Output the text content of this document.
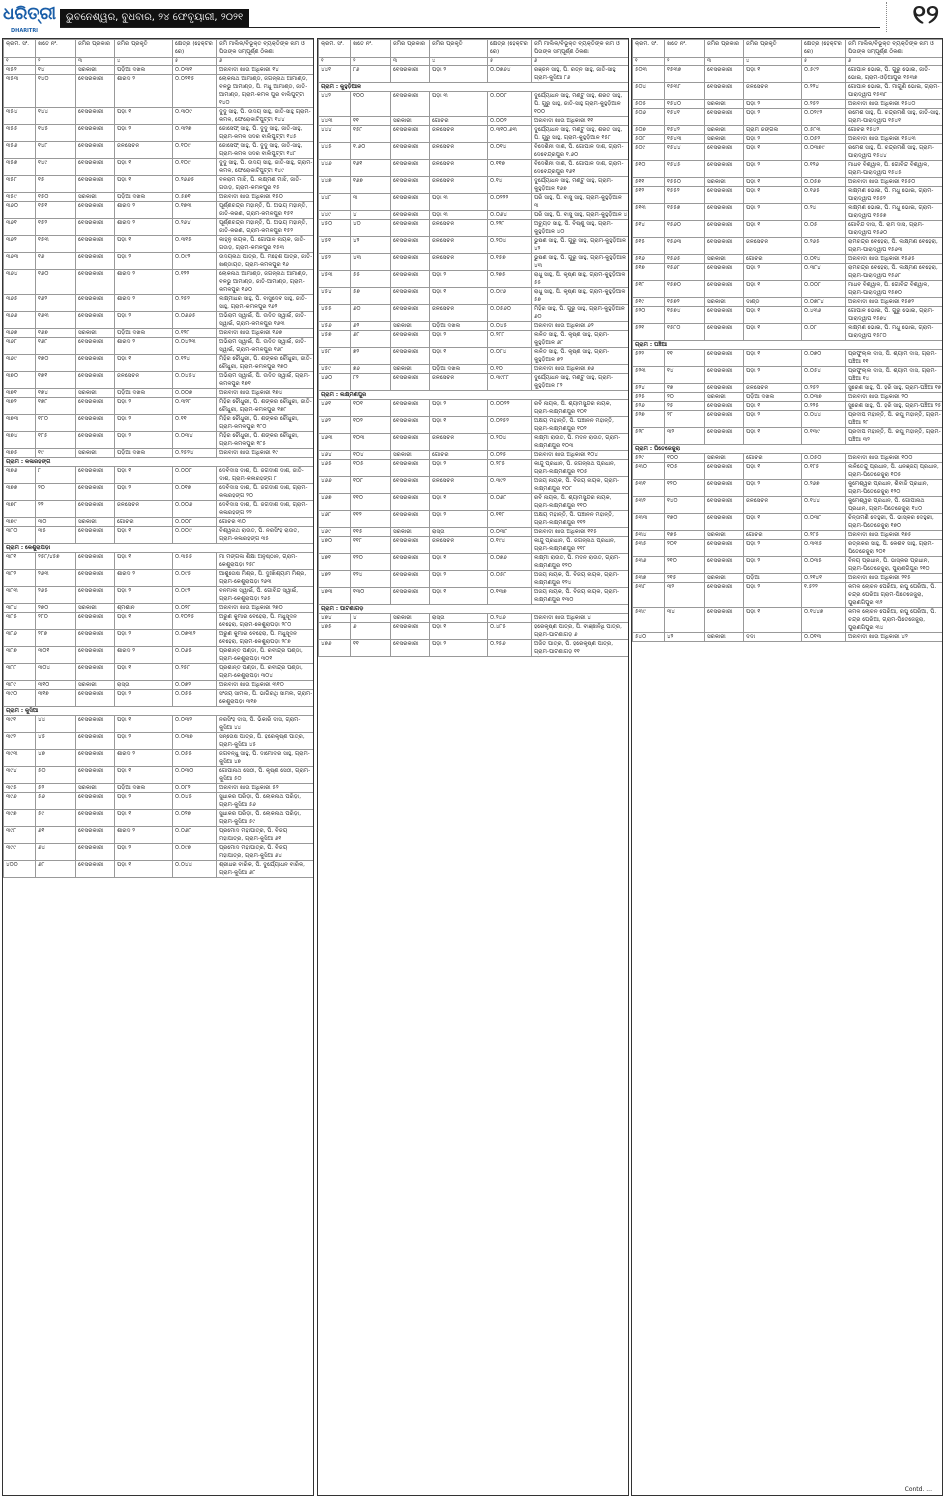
ଧରିତ୍ରୀ
DHARITRI
ଭୁବନେଶ୍ୱର, ବୁଧବାର, ୨୪ ଫେବୃୟାରୀ, ୨୦୨୧	୧୨
କ୍ରମ. ସଂ.	ଖତେ ନଂ.	ଜମିର ପ୍ରକାର	ଜମିର ପ୍ରକୃତି	କ୍ଷେତ୍ର (ହେକ୍ଟର ରେ)	ଜମି ମାଲିକ/ବିଭୂକ୍ତ ବ୍ୟକ୍ତିଙ୍କ ନାମ ଓ ପିତାଙ୍କ ସମ୍ପୂର୍ଣ୍ଣ ଠିକଣା
୧	୨	୩	୪	୫	୬
୩୫୨	୧୪	ସରକାରୀ	ପଡ଼ିଆ ଦଖଲ	୦.୦୩୧	ଅନାବାଦୀ ଖାତା ଅଧିକାରୀ ୧୪
୩୫୩	୧୪୦	ବେସରକାରୀ	ଶାରଦ ୨	୦.୦୨୧୫	ଲୋକନାଥ ଆମାଣ୍ଡ, ଜଗନ୍ନାଥ ଆମାଣ୍ଡ, ବଳଭୁ ଆମାଣ୍ଡ, ପି. ମଧୁ ଆମାଣ୍ଡ, ଜାତି-ଆମାଣ୍ଡ, ଗ୍ରାମ-କମଳ ପୁର ବାଲିପୁଟ୍ଟା ୧୪୦
୩୫୪	୧୪୪	ବେସରକାରୀ	ପଡ଼ା ୧	୦.୩୦୯	ଦୁଦୁ ସାହୁ, ପି. ଉଦୟ ସାହୁ, ଜାତି-ସାହୁ ଗ୍ରାମ-କମଳ, ଫେରୋକାଟିପୁଟ୍ଟା ୧୪୪
୩୫୫	୧୪୫	ବେସରକାରୀ	ପଡ଼ା ୨	୦.୩୨୭	ଜୋସେଫ୍ ସାହୁ, ପି. ଦୁଦୁ ସାହୁ, ଜାତି-ସାହୁ, ଗ୍ରାମ-କମଳ ସଦର ବାଲିପୁଟ୍ଟା ୧୪୫
୩୫୬	୧୪୮	ବେସରକାରୀ	ଜଳସେଚନ	୦.୧୦୯	ଜୋସେଫ୍ ସାହୁ, ପି. ଦୁଦୁ ସାହୁ, ଜାତି-ସାହୁ, ଗ୍ରାମ-କମଳ ସଦର ବାଲିପୁଟ୍ଟା ୧୪୮
୩୫୭	୧୪୯	ବେସରକାରୀ	ପଡ଼ା ୧	୦.୧୦୯	ଦୁଦୁ ସାହୁ, ପି. ଉଦୟ ସାହୁ, ଜାତି-ସାହୁ, ଗ୍ରାମ-କମଳ, ଫେରୋକାଟିପୁଟ୍ଟା ୧୪୯
୩୫୮	୧୫	ବେସରକାରୀ	ପଡ଼ା ୧	୦.୨୬୬୫	ବଳରାମ ମାଝି, ପି. ଲକ୍ଷ୍ମଣ ମାଝି, ଜାତି-ଗଉଡ଼, ଗ୍ରାମ-କମଳପୁର ୧୫
୩୫୯	୧୫୦	ସରକାରୀ	ପଡ଼ିଆ ଦଖଲ	୦.୫୭୧	ଅନାବାଦୀ ଖାତା ଅଧିକାରୀ ୧୫୦
୩୬୦	୧୫୧	ବେସରକାରୀ	ଶାରଦ ୨	୦.୧୭୩	ପୂର୍ଣ୍ଣଚନ୍ଦ୍ର ମହାନ୍ତି, ପି. ଅଭୟ ମହାନ୍ତି, ଜାତି-କରଣ, ଗ୍ରାମ-କମଳପୁର ୧୫୧
୩୬୧	୧୫୨	ବେସରକାରୀ	ଶାରଦ ୨	୦.୨୬୪	ପୂର୍ଣ୍ଣଚନ୍ଦ୍ର ମହାନ୍ତି, ପି. ଅଭୟ ମହାନ୍ତି, ଜାତି-କରଣ, ଗ୍ରାମ-କମଳପୁର ୧୫୨
୩୬୨	୧୫୩	ବେସରକାରୀ	ପଡ଼ା ୧	୦.୩୧୫	କାହ୍ନୁ ନାୟକ, ପି. ଗୋପାଳ ନାୟକ, ଜାତି-ଗଉଡ଼, ଗ୍ରାମ-କମଳପୁର ୧୫୩
୩୬୩	୧୬	ବେସରକାରୀ	ପଡ଼ା ୨	୦.୦୯୨	ଉଦୟନାଥ ପାତ୍ର, ପି. ମହେଶ ପାତ୍ର, ଜାତି-ଖଣ୍ଡାୟତ, ଗ୍ରାମ-କମଳପୁର ୧୬
୩୬୪	୧୬୦	ବେସରକାରୀ	ଶାରଦ ୨	୦.୧୨୨	ଲୋକନାଥ ଆମାଣ୍ଡ, ଜଗନ୍ନାଥ ଆମାଣ୍ଡ, ବଳଭୁ ଆମାଣ୍ଡ, ଜାତି-ଆମାଣ୍ଡ, ଗ୍ରାମ-କମଳପୁର ୧୬୦
୩୬୫	୧୬୨	ବେସରକାରୀ	ଶାରଦ ୨	୦.୨୫୨	ଲକ୍ଷ୍ମୀଧର ସାହୁ, ପି. ବାସୁଦେବ ସାହୁ, ଜାତି-ସାହୁ, ଗ୍ରାମ-କମଳପୁର ୧୬୨
୩୬୬	୧୬୩	ବେସରକାରୀ	ପଡ଼ା ୨	୦.୦୬୬୫	ଅଭିରାମ ସ୍ୱାଇଁ, ପି. ଉଦିତ ସ୍ୱାଇଁ, ଜାତି-ସ୍ୱାଇଁ, ଗ୍ରାମ-କମଳପୁର ୧୬୩
୩୬୭	୧୬୭	ସରକାରୀ	ପଡ଼ିଆ ଦଖଲ	୦.୧୨୮	ଅନାବାଦୀ ଖାତା ଅଧିକାରୀ ୧୬୭
୩୬୮	୧୬୮	ବେସରକାରୀ	ଶାରଦ ୨	୦.୦୪୨୩	ଅଭିରାମ ସ୍ୱାଇଁ, ପି. ଉଦିତ ସ୍ୱାଇଁ, ଜାତି-ସ୍ୱାଇଁ, ଗ୍ରାମ-କମଳପୁର ୧୬୮
୩୬୯	୧୭୦	ବେସରକାରୀ	ପଡ଼ା ୧	୦.୧୨୪	ମିହିର ଚୌଧୁରୀ, ପି. ଶଙ୍କର ଚୌଧୁରୀ, ଜାତି-ଚୌଧୁରୀ, ଗ୍ରାମ-କମଳପୁର ୧୭୦
୩୭୦	୧୭୧	ବେସରକାରୀ	ଜଳସେଚନ	୦.୦୪୫୪	ଅଭିରାମ ସ୍ୱାଇଁ, ପି. ଉଦିତ ସ୍ୱାଇଁ, ଗ୍ରାମ-କମଳପୁର ୧୭୧
୩୭୧	୧୭୪	ସରକାରୀ	ପଡ଼ିଆ ଦଖଲ	୦.୦୦୭	ଅନାବାଦୀ ଖାତା ଅଧିକାରୀ ୧୭୪
୩୭୨	୧୭୮	ବେସରକାରୀ	ପଡ଼ା ୨	୦.୩୨୮	ମିହିର ଚୌଧୁରୀ, ପି. ଶଙ୍କର ଚୌଧୁରୀ, ଜାତି-ଚୌଧୁରୀ, ଗ୍ରାମ-କମଳପୁର ୧୭୮
୩୭୩	୧୮୦	ବେସରକାରୀ	ପଡ଼ା ୨	୦.୧୧	ମିହିର ଚୌଧୁରୀ, ପି. ଶଙ୍କର ଚୌଧୁରୀ, ଗ୍ରାମ-କମଳପୁର ୧୮୦
୩୭୪	୧୮୫	ବେସରକାରୀ	ପଡ଼ା ୨	୦.୦୩୪	ମିହିର ଚୌଧୁରୀ, ପି. ଶଙ୍କର ଚୌଧୁରୀ, ଗ୍ରାମ-କମଳପୁର ୧୮୫
୩୭୫	୧୯	ସରକାରୀ	ପଡ଼ିଆ ଦଖଲ	୦.୨୫୨୪	ଅନାବାଦୀ ଖାତା ଅଧିକାରୀ ୧୯
ଗ୍ରାମ : କଳାରହଙ୍ଗ					
୩୭୬	୮	ବେସରକାରୀ	ପଡ଼ା ୧	୦.୦୦୮	ଦେବିଦାସ ଦାଶ, ପି. ଜଗଦୀଶ ଦାଶ, ଜାତି-ଦାଶ, ଗ୍ରାମ-କଳାରହଙ୍ଗ ୮
୩୭୭	୨୦	ବେସରକାରୀ	ପଡ଼ା ୨	୦.୦୧୭	ଦେବିଦାସ ଦାଶ, ପି. ଜଗଦୀଶ ଦାଶ, ଗ୍ରାମ-କଳାରହଙ୍ଗ ୨୦
୩୭୮	୨୨	ବେସରକାରୀ	ଜଳସେଚନ	୦.୦୦୬	ଦେବିଦାସ ଦାଶ, ପି. ଜଗଦୀଶ ଦାଶ, ଗ୍ରାମ-କଳାରହଙ୍ଗ ୨୨
୩୭୯	୩୦	ସରକାରୀ	ଗୋଚର	୦.୦୦୮	ଗୋଚର ୩୦
୩୮୦	୩୫	ବେସରକାରୀ	ପଡ଼ା ୧	୦.୦୦୯	ବିଶ୍ୱନାଥ ରାଉତ, ପି. ନରସିଂହ ରାଉତ, ଗ୍ରାମ-କଳାରହଙ୍ଗ ୩୫
ଗ୍ରାମ : କେଶୁରାପଡ଼ା					
୩୮୧	୨୫୮/୪୫୭	ବେସରକାରୀ	ପଡ଼ା ୧	୦.୩୫୫	ମା ମଙ୍ଗଳା ଶିକ୍ଷା ଅନୁଷ୍ଠାନ, ଗ୍ରାମ-କେଶୁରାପଡ଼ା ୨୫୮
୩୮୨	୨୬୩	ବେସରକାରୀ	ଶାରଦ ୨	୦.୦୯୫	ଆଶୁତୋଷ ମିଶ୍ର, ପି. ଦୁଃଖିଶ୍ୟାମ ମିଶ୍ର, ଗ୍ରାମ-କେଶୁରାପଡ଼ା ୨୬୩
୩୮୩	୨୬୫	ବେସରକାରୀ	ପଡ଼ା ୨	୦.୦୯୨	ବନମାଳୀ ସ୍ୱାଇଁ, ପି. ଗୋବିନ୍ଦ ସ୍ୱାଇଁ, ଗ୍ରାମ-କେଶୁରାପଡ଼ା ୨୬୫
୩୮୪	୨୭୦	ସରକାରୀ	ଶ୍ମଶାନ	୦.୦୨୮	ଅନାବାଦୀ ଖାତା ଅଧିକାରୀ ୨୭୦
୩୮୫	୨୮୦	ବେସରକାରୀ	ପଡ଼ା ୧	୦.୧୦୨୫	ଅରୁଣ କୁମାର ବେହେରା, ପି. ମଧୁସୂଦନ ବେହେରା, ଗ୍ରାମ-କେଶୁରାପଡ଼ା ୨୮୦
୩୮୬	୨୮୭	ବେସରକାରୀ	ପଡ଼ା ୨	୦.୦୭୩୨	ଅରୁଣ କୁମାର ବେହେରା, ପି. ମଧୁସୂଦନ ବେହେରା, ଗ୍ରାମ-କେଶୁରାପଡ଼ା ୨୮୭
୩୮୭	୩୦୧	ବେସରକାରୀ	ଶାରଦ ୨	୦.୦୬୫	ପ୍ରଶାନ୍ତ ପଣ୍ଡା, ପି. ରବୀନ୍ଦ୍ର ପଣ୍ଡା, ଗ୍ରାମ-କେଶୁରାପଡ଼ା ୩୦୧
୩୮୮	୩୦୪	ବେସରକାରୀ	ପଡ଼ା ୧	୦.୨୫୮	ପ୍ରଶାନ୍ତ ପଣ୍ଡା, ପି. ରବୀନ୍ଦ୍ର ପଣ୍ଡା, ଗ୍ରାମ-କେଶୁରାପଡ଼ା ୩୦୪
୩୮୯	୩୧୦	ସରକାରୀ	ରାସ୍ତା	୦.୦୭୨	ଅନାବାଦୀ ଖାତା ଅଧିକାରୀ ୩୧୦
୩୯୦	୩୧୭	ବେସରକାରୀ	ପଡ଼ା ୨	୦.୦୫୫	ସଂଜୟ ସାମଲ, ପି. ଭାଗିରଥି ସାମଲ, ଗ୍ରାମ-କେଶୁରାପଡ଼ା ୩୧୭
ଗ୍ରାମ : କୁସିଆ					
୩୯୧	୪୪	ବେସରକାରୀ	ପଡ଼ା ୧	୦.୦୩୨	ନରସିଂହ ଦାସ, ପି. ଭିକାରି ଦାସ, ଗ୍ରାମ-କୁସିଆ ୪୪
୩୯୨	୪୫	ବେସରକାରୀ	ପଡ଼ା ୨	୦.୦୩୭	ସନ୍ତୋଷ ପାତ୍ର, ପି. ହରେକୃଷ୍ଣ ପାତ୍ର, ଗ୍ରାମ-କୁସିଆ ୪୫
୩୯୩	୪୭	ବେସରକାରୀ	ଶାରଦ ୨	୦.୦୫୫	ଜଗବନ୍ଧୁ ସାହୁ, ପି. ଦାମୋଦର ସାହୁ, ଗ୍ରାମ-କୁସିଆ ୪୭
୩୯୪	୫୦	ବେସରକାରୀ	ପଡ଼ା ୧	୦.୦୩୦	ଗୋପୀନାଥ ସେଠୀ, ପି. କୃଷ୍ଣ ସେଠୀ, ଗ୍ରାମ-କୁସିଆ ୫୦
୩୯୫	୫୨	ସରକାରୀ	ପଡ଼ିଆ ଦଖଲ	୦.୦୮୨	ଅନାବାଦୀ ଖାତା ଅଧିକାରୀ ୫୨
୩୯୬	୫୬	ବେସରକାରୀ	ପଡ଼ା ୨	୦.୦୪୫	ସୁଧାକର ପରିଡ଼ା, ପି. ଲୋକନାଥ ପରିଡ଼ା, ଗ୍ରାମ-କୁସିଆ ୫୬
୩୯୭	୫୯	ବେସରକାରୀ	ପଡ଼ା ୧	୦.୦୨୭	ସୁଧାକର ପରିଡ଼ା, ପି. ଲୋକନାଥ ପରିଡ଼ା, ଗ୍ରାମ-କୁସିଆ ୫୯
୩୯୮	୬୧	ବେସରକାରୀ	ଶାରଦ ୨	୦.୦୬୮	ପ୍ରମୋଦ ମହାପାତ୍ର, ପି. ବିଜୟ ମହାପାତ୍ର, ଗ୍ରାମ-କୁସିଆ ୬୧
୩୯୯	୬୪	ବେସରକାରୀ	ପଡ଼ା ୨	୦.୦୯୭	ପ୍ରମୋଦ ମହାପାତ୍ର, ପି. ବିଜୟ ମହାପାତ୍ର, ଗ୍ରାମ-କୁସିଆ ୬୪
୪୦୦	୬୮	ବେସରକାରୀ	ପଡ଼ା ୧	୦.୦୪୪	ଶ୍ରୀଧର ବାରିକ, ପି. ଦୁର୍ଯ୍ୟୋଧନ ବାରିକ, ଗ୍ରାମ-କୁସିଆ ୬୮
କ୍ରମ. ସଂ.	ଖତେ ନଂ.	ଜମିର ପ୍ରକାର	ଜମିର ପ୍ରକୃତି	କ୍ଷେତ୍ର (ହେକ୍ଟର ରେ)	ଜମି ମାଲିକ/ବିଭୂକ୍ତ ବ୍ୟକ୍ତିଙ୍କ ନାମ ଓ ପିତାଙ୍କ ସମ୍ପୂର୍ଣ୍ଣ ଠିକଣା
୧	୨	୩	୪	୫	୬
୪୪୧	୮୬	ବେସରକାରୀ	ପଡ଼ା ୨	୦.୦୭୬୪	ରଞ୍ଜନ ସାହୁ, ପି. ରତ୍ନ ସାହୁ, ଜାତି-ସାହୁ ଗ୍ରାମ-କୁସିଆ ୮୬
ଗ୍ରାମ : କୁହୁଡ଼ିଆଳ					
୪୪୨	୧୦୦	ବେସରକାରୀ	ପଡ଼ା ୩	୦.୦୦୮	ଦୁର୍ଯ୍ୟୋଧନ ସାହୁ, ମଣ୍ଟୁ ସାହୁ, ଶରତ ସାହୁ, ପି. ଗୁରୁ ସାହୁ, ଜାତି-ସାହୁ ଗ୍ରାମ-କୁହୁଡ଼ିଆଳ ୧୦୦
୪୪୩	୧୧	ସରକାରୀ	ଗୋଚର	୦.୦୦୨	ଅନାବାଦୀ ଖାତା ଅଧିକାରୀ ୧୧
୪୪୪	୧୫୮	ବେସରକାରୀ	ଜଳସେଚନ	୦.୩୧୦.୬୩	ଦୁର୍ଯ୍ୟୋଧନ ସାହୁ, ମଣ୍ଟୁ ସାହୁ, ଶରତ ସାହୁ, ପି. ଗୁରୁ ସାହୁ, ଗ୍ରାମ-କୁହୁଡ଼ିଆଳ ୧୫୮
୪୪୫	୧.୬୦	ବେସରକାରୀ	ଜଳସେଚନ	୦.୦୧୪	ବିଦେଶିନୀ ଦାଶ, ପି. ଗୋପାଳ ଦାଶ, ଗ୍ରାମ-ଦେବେନ୍ଦ୍ରପୁର ୧.୬୦
୪୪୬	୧୬୧	ବେସରକାରୀ	ଜଳସେଚନ	୦.୧୧୭	ବିଦେଶିନୀ ଦାଶ, ପି. ଗୋପାଳ ଦାଶ, ଗ୍ରାମ-ଦେବେନ୍ଦ୍ରପୁର ୧୬୧
୪୪୭	୧୬୭	ବେସରକାରୀ	ଜଳସେଚନ	୦.୧୪	ଦୁର୍ଯ୍ୟୋଧନ ସାହୁ, ମଣ୍ଟୁ ସାହୁ, ଗ୍ରାମ-କୁହୁଡ଼ିଆଳ ୧୬୭
୪୪୮	୩	ବେସରକାରୀ	ପଡ଼ା ୩	୦.୦୨୨୨	ପରି ସାହୁ, ପି. ବାସୁ ସାହୁ, ଗ୍ରାମ-କୁହୁଡ଼ିଆଳ ୩
୪୪୯	୪	ବେସରକାରୀ	ପଡ଼ା ୩	୦.୦୬୪	ପରି ସାହୁ, ପି. ବାସୁ ସାହୁ, ଗ୍ରାମ-କୁହୁଡ଼ିଆଳ ୪
୪୫୦	୪୦	ବେସରକାରୀ	ଜଳସେଚନ	୦.୨୨୮	ଅଚ୍ୟୁତ ସାହୁ, ପି. ବିଷ୍ଣୁ ସାହୁ, ଗ୍ରାମ-କୁହୁଡ଼ିଆଳ ୪୦
୪୫୧	୪୨	ବେସରକାରୀ	ଜଳସେଚନ	୦.୨୦୪	ଭୁଷଣ ସାହୁ, ପି. ଗୁରୁ ସାହୁ, ଗ୍ରାମ-କୁହୁଡ଼ିଆଳ ୪୨
୪୫୨	୪୩	ବେସରକାରୀ	ଜଳସେଚନ	୦.୧୫୭	ଭୁଷଣ ସାହୁ, ପି. ଗୁରୁ ସାହୁ, ଗ୍ରାମ-କୁହୁଡ଼ିଆଳ ୪୩
୪୫୩	୫୫	ବେସରକାରୀ	ପଡ଼ା ୨	୦.୨୭୫	ରାଧୁ ସାହୁ, ପି. କୃଷ୍ଣ ସାହୁ, ଗ୍ରାମ-କୁହୁଡ଼ିଆଳ ୫୫
୪୫୪	୫୭	ବେସରକାରୀ	ପଡ଼ା ୧	୦.୦୯୬	ରାଧୁ ସାହୁ, ପି. କୃଷ୍ଣ ସାହୁ, ଗ୍ରାମ-କୁହୁଡ଼ିଆଳ ୫୭
୪୫୫	୬୦	ବେସରକାରୀ	ଜଳସେଚନ	୦.୦୫୬୦	ମିହିର ସାହୁ, ପି. ଗୁରୁ ସାହୁ, ଗ୍ରାମ-କୁହୁଡ଼ିଆଳ ୬୦
୪୫୬	୬୨	ସରକାରୀ	ପଡ଼ିଆ ଦଖଲ	୦.୦୪୫	ଅନାବାଦୀ ଖାତା ଅଧିକାରୀ ୬୨
୪୫୭	୬୮	ବେସରକାରୀ	ପଡ଼ା ୨	୦.୨୮୮	ଲଳିତ ସାହୁ, ପି. କୃଷ୍ଣ ସାହୁ, ଗ୍ରାମ-କୁହୁଡ଼ିଆଳ ୬୮
୪୫୮	୭୨	ବେସରକାରୀ	ପଡ଼ା ୧	୦.୦୮୪	ଲଳିତ ସାହୁ, ପି. କୃଷ୍ଣ ସାହୁ, ଗ୍ରାମ-କୁହୁଡ଼ିଆଳ ୭୨
୪୫୯	୭୬	ସରକାରୀ	ପଡ଼ିଆ ଦଖଲ	୦.୧୦	ଅନାବାଦୀ ଖାତା ଅଧିକାରୀ ୭୬
୪୬୦	୮୨	ବେସରକାରୀ	ଜଳସେଚନ	୦.୩୯୮୮	ଦୁର୍ଯ୍ୟୋଧନ ସାହୁ, ମଣ୍ଟୁ ସାହୁ, ଗ୍ରାମ-କୁହୁଡ଼ିଆଳ ୮୨
ଗ୍ରାମ : ଲକ୍ଷ୍ମଣପୁର					
୪୬୧	୧୦୧	ବେସରକାରୀ	ପଡ଼ା ୨	୦.୦୦୨୨	ରବି ନାୟକ, ପି. ଶ୍ୟାମସୁନ୍ଦର ନାୟକ, ଗ୍ରାମ-ଲକ୍ଷ୍ମଣପୁର ୧୦୧
୪୬୨	୧୦୨	ବେସରକାରୀ	ପଡ଼ା ୧	୦.୦୨୫୨	ଅକ୍ଷୟ ମହାନ୍ତି, ପି. ପଞ୍ଚାନନ ମହାନ୍ତି, ଗ୍ରାମ-ଲକ୍ଷ୍ମଣପୁର ୧୦୨
୪୬୩	୧୦୩	ବେସରକାରୀ	ଜଳସେଚନ	୦.୨୦୪	ଲକ୍ଷ୍ମୀ ରାଉତ, ପି. ମଦନ ରାଉତ, ଗ୍ରାମ-ଲକ୍ଷ୍ମଣପୁର ୧୦୩
୪୬୪	୧୦୪	ସରକାରୀ	ଗୋଚର	୦.୦୨୫	ଅନାବାଦୀ ଖାତା ଅଧିକାରୀ ୧୦୪
୪୬୫	୧୦୫	ବେସରକାରୀ	ପଡ଼ା ୨	୦.୨୮୫	କାନ୍ଦୁ ପ୍ରଧାନ, ପି. ଜଗନ୍ନାଥ ପ୍ରଧାନ, ଗ୍ରାମ-ଲକ୍ଷ୍ମଣପୁର ୧୦୫
୪୬୬	୧୦୮	ବେସରକାରୀ	ଜଳସେଚନ	୦.୩୯୨	ଅଜୟ ନାୟକ, ପି. ବିଜୟ ନାୟକ, ଗ୍ରାମ-ଲକ୍ଷ୍ମଣପୁର ୧୦୮
୪୬୭	୧୧୦	ବେସରକାରୀ	ପଡ଼ା ୧	୦.୦୬୮	ରବି ନାୟକ, ପି. ଶ୍ୟାମସୁନ୍ଦର ନାୟକ, ଗ୍ରାମ-ଲକ୍ଷ୍ମଣପୁର ୧୧୦
୪୬୮	୧୧୨	ବେସରକାରୀ	ପଡ଼ା ୨	୦.୧୧୮	ଅକ୍ଷୟ ମହାନ୍ତି, ପି. ପଞ୍ଚାନନ ମହାନ୍ତି, ଗ୍ରାମ-ଲକ୍ଷ୍ମଣପୁର ୧୧୨
୪୬୯	୧୧୫	ସରକାରୀ	ରାସ୍ତା	୦.୦୩୮	ଅନାବାଦୀ ଖାତା ଅଧିକାରୀ ୧୧୫
୪୭୦	୧୧୮	ବେସରକାରୀ	ଜଳସେଚନ	୦.୧୯୪	କାନ୍ଦୁ ପ୍ରଧାନ, ପି. ଜଗନ୍ନାଥ ପ୍ରଧାନ, ଗ୍ରାମ-ଲକ୍ଷ୍ମଣପୁର ୧୧୮
୪୭୧	୧୨୦	ବେସରକାରୀ	ପଡ଼ା ୧	୦.୦୭୬	ଲକ୍ଷ୍ମୀ ରାଉତ, ପି. ମଦନ ରାଉତ, ଗ୍ରାମ-ଲକ୍ଷ୍ମଣପୁର ୧୨୦
୪୭୨	୧୨୪	ବେସରକାରୀ	ପଡ଼ା ୨	୦.୦୫୮	ଅଜୟ ନାୟକ, ପି. ବିଜୟ ନାୟକ, ଗ୍ରାମ-ଲକ୍ଷ୍ମଣପୁର ୧୨୪
୪୭୩	୧୩୦	ବେସରକାରୀ	ପଡ଼ା ୧	୦.୧୩୭	ଅଜୟ ନାୟକ, ପି. ବିଜୟ ନାୟକ, ଗ୍ରାମ-ଲକ୍ଷ୍ମଣପୁର ୧୩୦
ଗ୍ରାମ : ପାଟଣାଗଡ଼					
୪୭୪	୪	ସରକାରୀ	ରାସ୍ତା	୦.୨୪୬	ଅନାବାଦୀ ଖାତା ଅଧିକାରୀ ୪
୪୭୫	୬	ବେସରକାରୀ	ପଡ଼ା ୧	୦.୪୮୫	ହରେକୃଷ୍ଣ ପାତ୍ର, ପି. ବାଞ୍ଛାନିଧି ପାତ୍ର, ଗ୍ରାମ-ପାଟଣାଗଡ଼ ୬
୪୭୬	୧୧	ବେସରକାରୀ	ପଡ଼ା ୨	୦.୨୫୬	ଅଜିତ ପାତ୍ର, ପି. ହରେକୃଷ୍ଣ ପାତ୍ର, ଗ୍ରାମ-ପାଟଣାଗଡ଼ ୧୧
କ୍ରମ. ସଂ.	ଖତେ ନଂ.	ଜମିର ପ୍ରକାର	ଜମିର ପ୍ରକୃତି	କ୍ଷେତ୍ର (ହେକ୍ଟର ରେ)	ଜମି ମାଲିକ/ବିଭୂକ୍ତ ବ୍ୟକ୍ତିଙ୍କ ନାମ ଓ ପିତାଙ୍କ ସମ୍ପୂର୍ଣ୍ଣ ଠିକଣା
୧	୨	୩	୪	୫	୬
୫୦୩	୧୫୩୭	ବେସରକାରୀ	ପଡ଼ା ୧	୦.୫୯୨	ଗୋପାଳ ଭୋଇ, ପି. ଗୁରୁ ଭୋଇ, ଜାତି-ଭୋଇ, ଗ୍ରାମ-ଓଡ଼ିଆପୁର ୧୫୩୭
୫୦୪	୧୫୩୮	ବେସରକାରୀ	ଜଳସେଚନ	୦.୨୨୪	ଗୋପାଳ ଭୋଇ, ପି. ମାଗୁଣି ଭୋଇ, ଗ୍ରାମ-ପାରାଦ୍ୱୀପ ୧୫୩୮
୫୦୫	୧୫୪୦	ସରକାରୀ	ପଡ଼ା ୨	୦.୨୫୨	ଅନାବାଦୀ ଖାତା ଅଧିକାରୀ ୧୫୪୦
୫୦୬	୧୫୪୧	ବେସରକାରୀ	ପଡ଼ା ୨	୦.୦୨୯୨	ରମେଶ ସାହୁ, ପି. ଚନ୍ଦ୍ରମଣି ସାହୁ, ଜାତି-ସାହୁ, ଗ୍ରାମ-ପାରାଦ୍ୱୀପ ୧୫୪୧
୫୦୭	୧୫୪୨	ସରକାରୀ	ଗ୍ରାମ ଜଙ୍ଗଲ	୦.୫୮୩	ଗୋଚର ୧୫୪୨
୫୦୮	୧୫୪୩	ସରକାରୀ	ପଡ଼ା ୨	୦.୦୫୨	ଅନାବାଦୀ ଖାତା ଅଧିକାରୀ ୧୫୪୩
୫୦୯	୧୫୪୪	ବେସରକାରୀ	ପଡ଼ା ୧	୦.୦୩୭୯	ରମେଶ ସାହୁ, ପି. ଚନ୍ଦ୍ରମଣି ସାହୁ, ଗ୍ରାମ-ପାରାଦ୍ୱୀପ ୧୫୪୪
୫୧୦	୧୫୪୫	ବେସରକାରୀ	ପଡ଼ା ୨	୦.୧୨୬	ମାଧବ ବିଶ୍ୱାଳ, ପି. ଗୋବିନ୍ଦ ବିଶ୍ୱାଳ, ଗ୍ରାମ-ପାରାଦ୍ୱୀପ ୧୫୪୫
୫୧୧	୧୫୫୦	ସରକାରୀ	ପଡ଼ା ୧	୦.୦୫୭	ଅନାବାଦୀ ଖାତା ଅଧିକାରୀ ୧୫୫୦
୫୧୨	୧୫୫୨	ବେସରକାରୀ	ପଡ଼ା ୧	୦.୧୬୫	ଲକ୍ଷ୍ମଣ ଭୋଇ, ପି. ମଧୁ ଭୋଇ, ଗ୍ରାମ-ପାରାଦ୍ୱୀପ ୧୫୫୨
୫୧୩	୧୫୫୭	ବେସରକାରୀ	ପଡ଼ା ୨	୦.୨୪	ଲକ୍ଷ୍ମଣ ଭୋଇ, ପି. ମଧୁ ଭୋଇ, ଗ୍ରାମ-ପାରାଦ୍ୱୀପ ୧୫୫୭
୫୧୪	୧୫୬୦	ବେସରକାରୀ	ପଡ଼ା ୧	୦.୦୫	ଗୋବିନ୍ଦ ଦାସ, ପି. ରାମ ଦାସ, ଗ୍ରାମ-ପାରାଦ୍ୱୀପ ୧୫୬୦
୫୧୫	୧୫୬୩	ବେସରକାରୀ	ଜଳସେଚନ	୦.୨୬୫	ରାମଚନ୍ଦ୍ର ବେହେରା, ପି. ଲକ୍ଷ୍ମଣ ବେହେରା, ଗ୍ରାମ-ପାରାଦ୍ୱୀପ ୧୫୬୩
୫୧୬	୧୫୬୫	ସରକାରୀ	ଗୋଚର	୦.୦୧୪	ଅନାବାଦୀ ଖାତା ଅଧିକାରୀ ୧୫୬୫
୫୧୭	୧୫୬୮	ବେସରକାରୀ	ପଡ଼ା ୨	୦.୩୮୪	ରାମଚନ୍ଦ୍ର ବେହେରା, ପି. ଲକ୍ଷ୍ମଣ ବେହେରା, ଗ୍ରାମ-ପାରାଦ୍ୱୀପ ୧୫୬୮
୫୧୮	୧୫୭୦	ବେସରକାରୀ	ପଡ଼ା ୧	୦.୦୦୮	ମାଧବ ବିଶ୍ୱାଳ, ପି. ଗୋବିନ୍ଦ ବିଶ୍ୱାଳ, ଗ୍ରାମ-ପାରାଦ୍ୱୀପ ୧୫୭୦
୫୧୯	୧୫୭୨	ସରକାରୀ	ଦାଣ୍ଡ	୦.୦୭୮୪	ଅନାବାଦୀ ଖାତା ଅଧିକାରୀ ୧୫୭୨
୫୨୦	୧୫୭୪	ବେସରକାରୀ	ପଡ଼ା ୧	୦.୪୩୬	ଗୋପାଳ ଭୋଇ, ପି. ଗୁରୁ ଭୋଇ, ଗ୍ରାମ-ପାରାଦ୍ୱୀପ ୧୫୭୪
୫୨୧	୧୫୮୦	ବେସରକାରୀ	ପଡ଼ା ୧	୦.୦୮	ଲକ୍ଷ୍ମଣ ଭୋଇ, ପି. ମଧୁ ଭୋଇ, ଗ୍ରାମ-ପାରାଦ୍ୱୀପ ୧୫୮୦
ଗ୍ରାମ : ପଞ୍ଚିଆ					
୫୨୨	୧୧	ବେସରକାରୀ	ପଡ଼ା ୧	୦.୦୭୦	ପ୍ରଫୁଲ୍ଲ ଦାସ, ପି. ଶ୍ୟାମ ଦାସ, ଗ୍ରାମ-ପଞ୍ଚିଆ ୧୧
୫୨୩	୧୪	ବେସରକାରୀ	ପଡ଼ା ୨	୦.୦୫୪	ପ୍ରଫୁଲ୍ଲ ଦାସ, ପି. ଶ୍ୟାମ ଦାସ, ଗ୍ରାମ-ପଞ୍ଚିଆ ୧୪
୫୨୪	୧୭	ବେସରକାରୀ	ଜଳସେଚନ	୦.୨୫୨	ସୁରେଶ ସାହୁ, ପି. ହରି ସାହୁ, ଗ୍ରାମ-ପଞ୍ଚିଆ ୧୭
୫୨୫	୨୦	ସରକାରୀ	ପଡ଼ିଆ ଦଖଲ	୦.୦୩୭	ଅନାବାଦୀ ଖାତା ଅଧିକାରୀ ୨୦
୫୨୬	୨୫	ବେସରକାରୀ	ପଡ଼ା ୧	୦.୨୨୫	ସୁରେଶ ସାହୁ, ପି. ହରି ସାହୁ, ଗ୍ରାମ-ପଞ୍ଚିଆ ୨୫
୫୨୭	୨୮	ବେସରକାରୀ	ପଡ଼ା ୨	୦.୦୪୪	ପ୍ରଦୀପ ମହାନ୍ତି, ପି. ରଘୁ ମହାନ୍ତି, ଗ୍ରାମ-ପଞ୍ଚିଆ ୨୮
୫୨୮	୩୨	ବେସରକାରୀ	ପଡ଼ା ୧	୦.୧୩୯	ପ୍ରଦୀପ ମହାନ୍ତି, ପି. ରଘୁ ମହାନ୍ତି, ଗ୍ରାମ-ପଞ୍ଚିଆ ୩୨
ଗ୍ରାମ : ପିତେଜେଜୁରା					
୫୨୯	୧୦୦	ସରକାରୀ	ଗୋଚର	୦.୦୫୦	ଅନାବାଦୀ ଖାତା ଅଧିକାରୀ ୧୦୦
୫୩୦	୧୦୫	ବେସରକାରୀ	ପଡ଼ା ୧	୦.୧୮୫	ଲଳିତେନ୍ଦୁ ପ୍ରଧାନ, ପି. ଧନଞ୍ଜୟ ପ୍ରଧାନ, ଗ୍ରାମ-ପିତେଜେଜୁରା ୧୦୫
୫୩୧	୧୨୦	ବେସରକାରୀ	ପଡ଼ା ୨	୦.୨୬୭	କୁମେଶ୍ୱର ପ୍ରଧାନ, ଶିବାଜି ପ୍ରଧାନ, ଗ୍ରାମ-ପିତେଜେଜୁରା ୧୨୦
୫୩୨	୧୪୦	ବେସରକାରୀ	ଜଳସେଚନ	୦.୧୪୪	କୁମେଶ୍ୱର ପ୍ରଧାନ, ପି. ଗୋପୀନାଥ ପ୍ରଧାନ, ଗ୍ରାମ-ପିତେଜେଜୁରା ୧୪୦
୫୩୩	୧୭୦	ବେସରକାରୀ	ପଡ଼ା ୧	୦.୦୩୮	ଚିନ୍ତାମଣି ଦେହୁରୀ, ପି. ଭାସ୍କର ଦେହୁରୀ, ଗ୍ରାମ-ପିତେଜେଜୁରା ୧୭୦
୫୩୪	୧୭୫	ସରକାରୀ	ଗୋଚର	୦.୨୮୫	ଅନାବାଦୀ ଖାତା ଅଧିକାରୀ ୧୭୫
୫୩୫	୨୦୧	ବେସରକାରୀ	ପଡ଼ା ୨	୦.୩୩୫	ରତ୍ନାକର ସାହୁ, ପି. କେଶବ ସାହୁ, ଗ୍ରାମ-ପିତେଜେଜୁରା ୨୦୧
୫୩୬	୨୧୦	ବେସରକାରୀ	ପଡ଼ା ୨	୦.୦୩୫	ବିନୟ ପ୍ରଧାନ, ପି. ଭାସ୍କର ପ୍ରଧାନ, ଗ୍ରାମ-ପିତେଜେଜୁରା, ପୁରାଣଗିପୁର ୨୧୦
୫୩୭	୨୧୫	ସରକାରୀ	ପଡ଼ିଆ	୦.୨୧୪୧	ଅନାବାଦୀ ଖାତା ଅଧିକାରୀ ୨୧୫
୫୩୮	୩୨	ବେସରକାରୀ	ପଡ଼ା ୨	୧.୫୨୨	କମଳ ଲୋଚନ ପେରିଆ, ରଘୁ ପେରିଆ, ପି. ଚନ୍ଦ୍ର ପେରିଆ ଗ୍ରାମ-ପିତେଜେଜୁରା, ପୁରାଣଗିପୁର ୩୨
୫୩୯	୩୪	ବେସରକାରୀ	ପଡ଼ା ୧	୦.୧୪୪୭	କମଳ ଲୋଚନ ପେରିଆ, ରଘୁ ପେରିଆ, ପି. ଚନ୍ଦ୍ର ପେରିଆ, ଗ୍ରାମ-ପିତେଜେଜୁରା, ପୁରାଣଗିପୁର ୩୪
୫୪୦	୪୨	ସରକାରୀ	ଦଦା	୦.୦୧୩	ଅନାବାଦୀ ଖାତା ଅଧିକାରୀ ୪୨
Contd. ...
